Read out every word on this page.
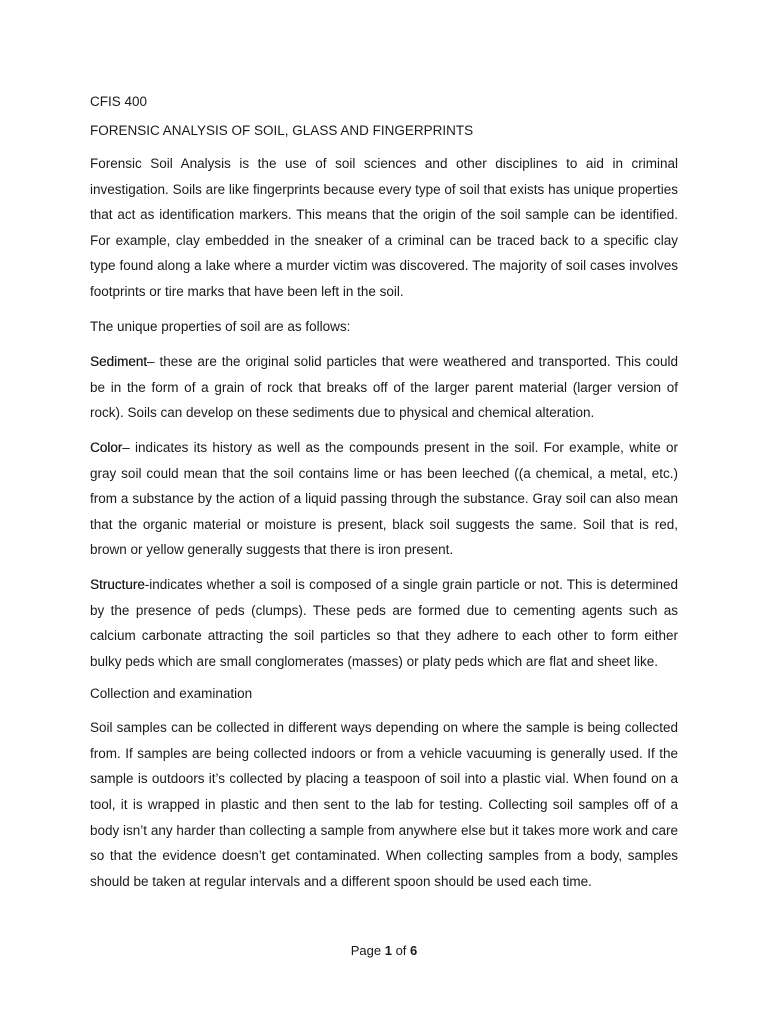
CFIS 400
FORENSIC ANALYSIS OF SOIL, GLASS AND FINGERPRINTS

Forensic Soil Analysis is the use of soil sciences and other disciplines to aid in criminal investigation. Soils are like fingerprints because every type of soil that exists has unique properties that act as identification markers. This means that the origin of the soil sample can be identified. For example, clay embedded in the sneaker of a criminal can be traced back to a specific clay type found along a lake where a murder victim was discovered. The majority of soil cases involves footprints or tire marks that have been left in the soil.

The unique properties of soil are as follows:

Sediment– these are the original solid particles that were weathered and transported. This could be in the form of a grain of rock that breaks off of the larger parent material (larger version of rock). Soils can develop on these sediments due to physical and chemical alteration.

Color– indicates its history as well as the compounds present in the soil. For example, white or gray soil could mean that the soil contains lime or has been leeched ((a chemical, a metal, etc.) from a substance by the action of a liquid passing through the substance. Gray soil can also mean that the organic material or moisture is present, black soil suggests the same. Soil that is red, brown or yellow generally suggests that there is iron present.

Structure-indicates whether a soil is composed of a single grain particle or not. This is determined by the presence of peds (clumps). These peds are formed due to cementing agents such as calcium carbonate attracting the soil particles so that they adhere to each other to form either bulky peds which are small conglomerates (masses) or platy peds which are flat and sheet like.

Collection and examination

Soil samples can be collected in different ways depending on where the sample is being collected from. If samples are being collected indoors or from a vehicle vacuuming is generally used. If the sample is outdoors it’s collected by placing a teaspoon of soil into a plastic vial. When found on a tool, it is wrapped in plastic and then sent to the lab for testing. Collecting soil samples off of a body isn’t any harder than collecting a sample from anywhere else but it takes more work and care so that the evidence doesn’t get contaminated. When collecting samples from a body, samples should be taken at regular intervals and a different spoon should be used each time.

Page 1 of 6
